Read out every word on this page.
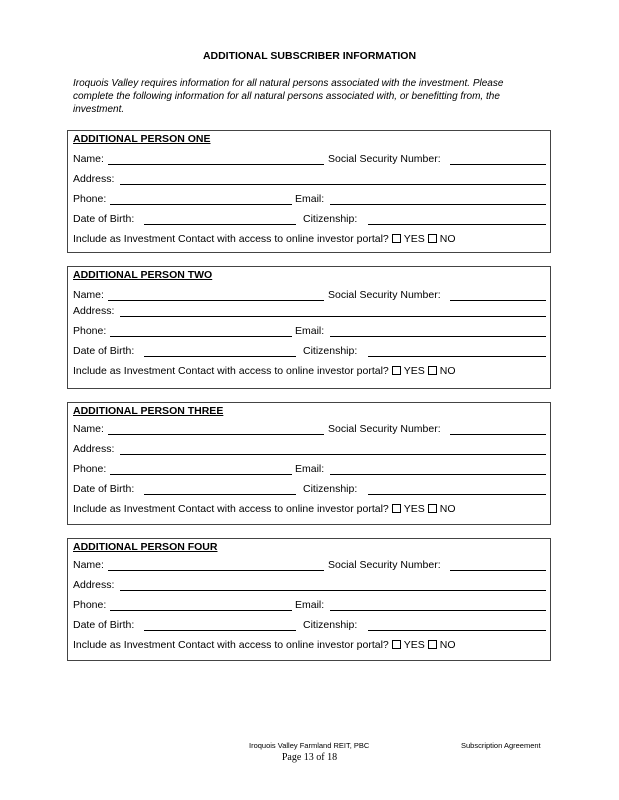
ADDITIONAL SUBSCRIBER INFORMATION
Iroquois Valley requires information for all natural persons associated with the investment. Please complete the following information for all natural persons associated with, or benefitting from, the investment.
ADDITIONAL PERSON ONE
Name:	Social Security Number:
Address:
Phone:	Email:
Date of Birth:	Citizenship:
Include as Investment Contact with access to online investor portal? YES NO
ADDITIONAL PERSON TWO
Name:	Social Security Number:
Address:
Phone:	Email:
Date of Birth:	Citizenship:
Include as Investment Contact with access to online investor portal? YES NO
ADDITIONAL PERSON THREE
Name:	Social Security Number:
Address:
Phone:	Email:
Date of Birth:	Citizenship:
Include as Investment Contact with access to online investor portal? YES NO
ADDITIONAL PERSON FOUR
Name:	Social Security Number:
Address:
Phone:	Email:
Date of Birth:	Citizenship:
Include as Investment Contact with access to online investor portal? YES NO
Iroquois Valley Farmland REIT, PBC	Subscription Agreement
Page 13 of 18
